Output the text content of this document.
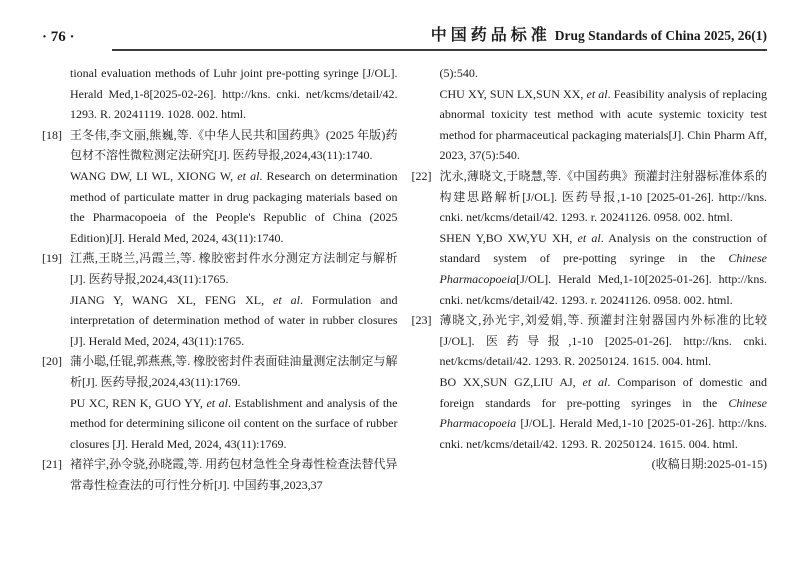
· 76 ·	中国药品标准 Drug Standards of China 2025, 26(1)

tional evaluation methods of Luhr joint pre-potting syringe [J/OL]. Herald Med,1-8[2025-02-26]. http://kns. cnki. net/kcms/detail/42. 1293. R. 20241119. 1028. 002. html.

[18] 王冬伟,李文丽,熊巍,等.《中华人民共和国药典》(2025 年版)药包材不溶性微粒测定法研究[J]. 医药导报,2024,43(11):1740.

WANG DW, LI WL, XIONG W, et al. Research on determination method of particulate matter in drug packaging materials based on the Pharmacopoeia of the People's Republic of China (2025 Edition)[J]. Herald Med, 2024, 43(11):1740.

[19] 江燕,王晓兰,冯霞兰,等. 橡胶密封件水分测定方法制定与解析[J]. 医药导报,2024,43(11):1765.

JIANG Y, WANG XL, FENG XL, et al. Formulation and interpretation of determination method of water in rubber closures [J]. Herald Med, 2024, 43(11):1765.

[20] 蒲小聪,任锟,郭燕燕,等. 橡胶密封件表面硅油量测定法制定与解析[J]. 医药导报,2024,43(11):1769.

PU XC, REN K, GUO YY, et al. Establishment and analysis of the method for determining silicone oil content on the surface of rubber closures [J]. Herald Med, 2024, 43(11):1769.

[21] 褚祥宇,孙令骁,孙晓霞,等. 用药包材急性全身毒性检查法替代异常毒性检查法的可行性分析[J]. 中国药事,2023,37

(5):540.

CHU XY, SUN LX,SUN XX, et al. Feasibility analysis of replacing abnormal toxicity test method with acute systemic toxicity test method for pharmaceutical packaging materials[J]. Chin Pharm Aff, 2023, 37(5):540.

[22] 沈永,薄晓文,于晓慧,等.《中国药典》预灌封注射器标准体系的构建思路解析[J/OL]. 医药导报,1-10 [2025-01-26]. http://kns. cnki. net/kcms/detail/42. 1293. r. 20241126. 0958. 002. html.

SHEN Y,BO XW,YU XH, et al. Analysis on the construction of standard system of pre-potting syringe in the Chinese Pharmacopoeia[J/OL]. Herald Med,1-10[2025-01-26]. http://kns. cnki. net/kcms/detail/42. 1293. r. 20241126. 0958. 002. html.

[23] 薄晓文,孙光宇,刘爱娟,等. 预灌封注射器国内外标准的比较[J/OL]. 医药导报,1-10 [2025-01-26]. http://kns. cnki. net/kcms/detail/42. 1293. R. 20250124. 1615. 004. html.

BO XX,SUN GZ,LIU AJ, et al. Comparison of domestic and foreign standards for pre-potting syringes in the Chinese Pharmacopoeia [J/OL]. Herald Med,1-10 [2025-01-26]. http://kns. cnki. net/kcms/detail/42. 1293. R. 20250124. 1615. 004. html.

(收稿日期:2025-01-15)
